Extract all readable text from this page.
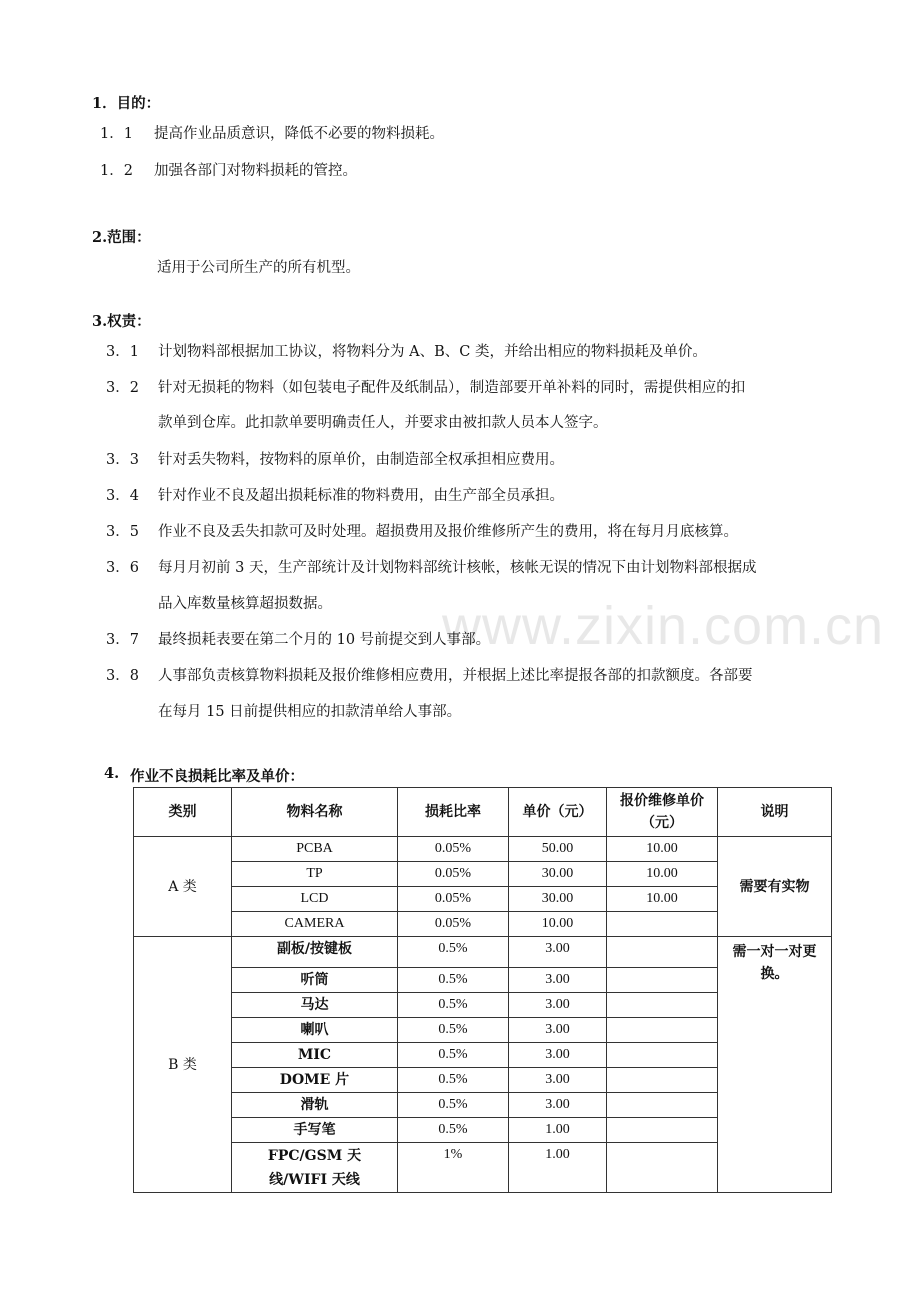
www.zixin.com.cn
1．目的：
1．1 提高作业品质意识，降低不必要的物料损耗。
1．2 加强各部门对物料损耗的管控。
2.范围：
适用于公司所生产的所有机型。
3.权责：
3．1 计划物料部根据加工协议，将物料分为 A、B、C 类，并给出相应的物料损耗及单价。
3．2 针对无损耗的物料（如包装电子配件及纸制品），制造部要开单补料的同时，需提供相应的扣
款单到仓库。此扣款单要明确责任人，并要求由被扣款人员本人签字。
3．3 针对丢失物料，按物料的原单价，由制造部全权承担相应费用。
3．4 针对作业不良及超出损耗标准的物料费用，由生产部全员承担。
3．5 作业不良及丢失扣款可及时处理。超损费用及报价维修所产生的费用，将在每月月底核算。
3．6 每月月初前 3 天，生产部统计及计划物料部统计核帐，核帐无误的情况下由计划物料部根据成
品入库数量核算超损数据。
3．7 最终损耗表要在第二个月的 10 号前提交到人事部。
3．8 人事部负责核算物料损耗及报价维修相应费用，并根据上述比率提报各部的扣款额度。各部要
在每月 15 日前提供相应的扣款清单给人事部。
4. 作业不良损耗比率及单价：
类别	物料名称	损耗比率	单价（元）	报价维修单价（元）	说明
A 类	PCBA	0.05%	50.00	10.00	需要有实物
	TP	0.05%	30.00	10.00	
	LCD	0.05%	30.00	10.00	
	CAMERA	0.05%	10.00		
B 类	副板/按键板	0.5%	3.00		需一对一对更换。
	听筒	0.5%	3.00		
	马达	0.5%	3.00		
	喇叭	0.5%	3.00		
	MIC	0.5%	3.00		
	DOME 片	0.5%	3.00		
	滑轨	0.5%	3.00		
	手写笔	0.5%	1.00		
	FPC/GSM 天线/WIFI 天线	1%	1.00		
